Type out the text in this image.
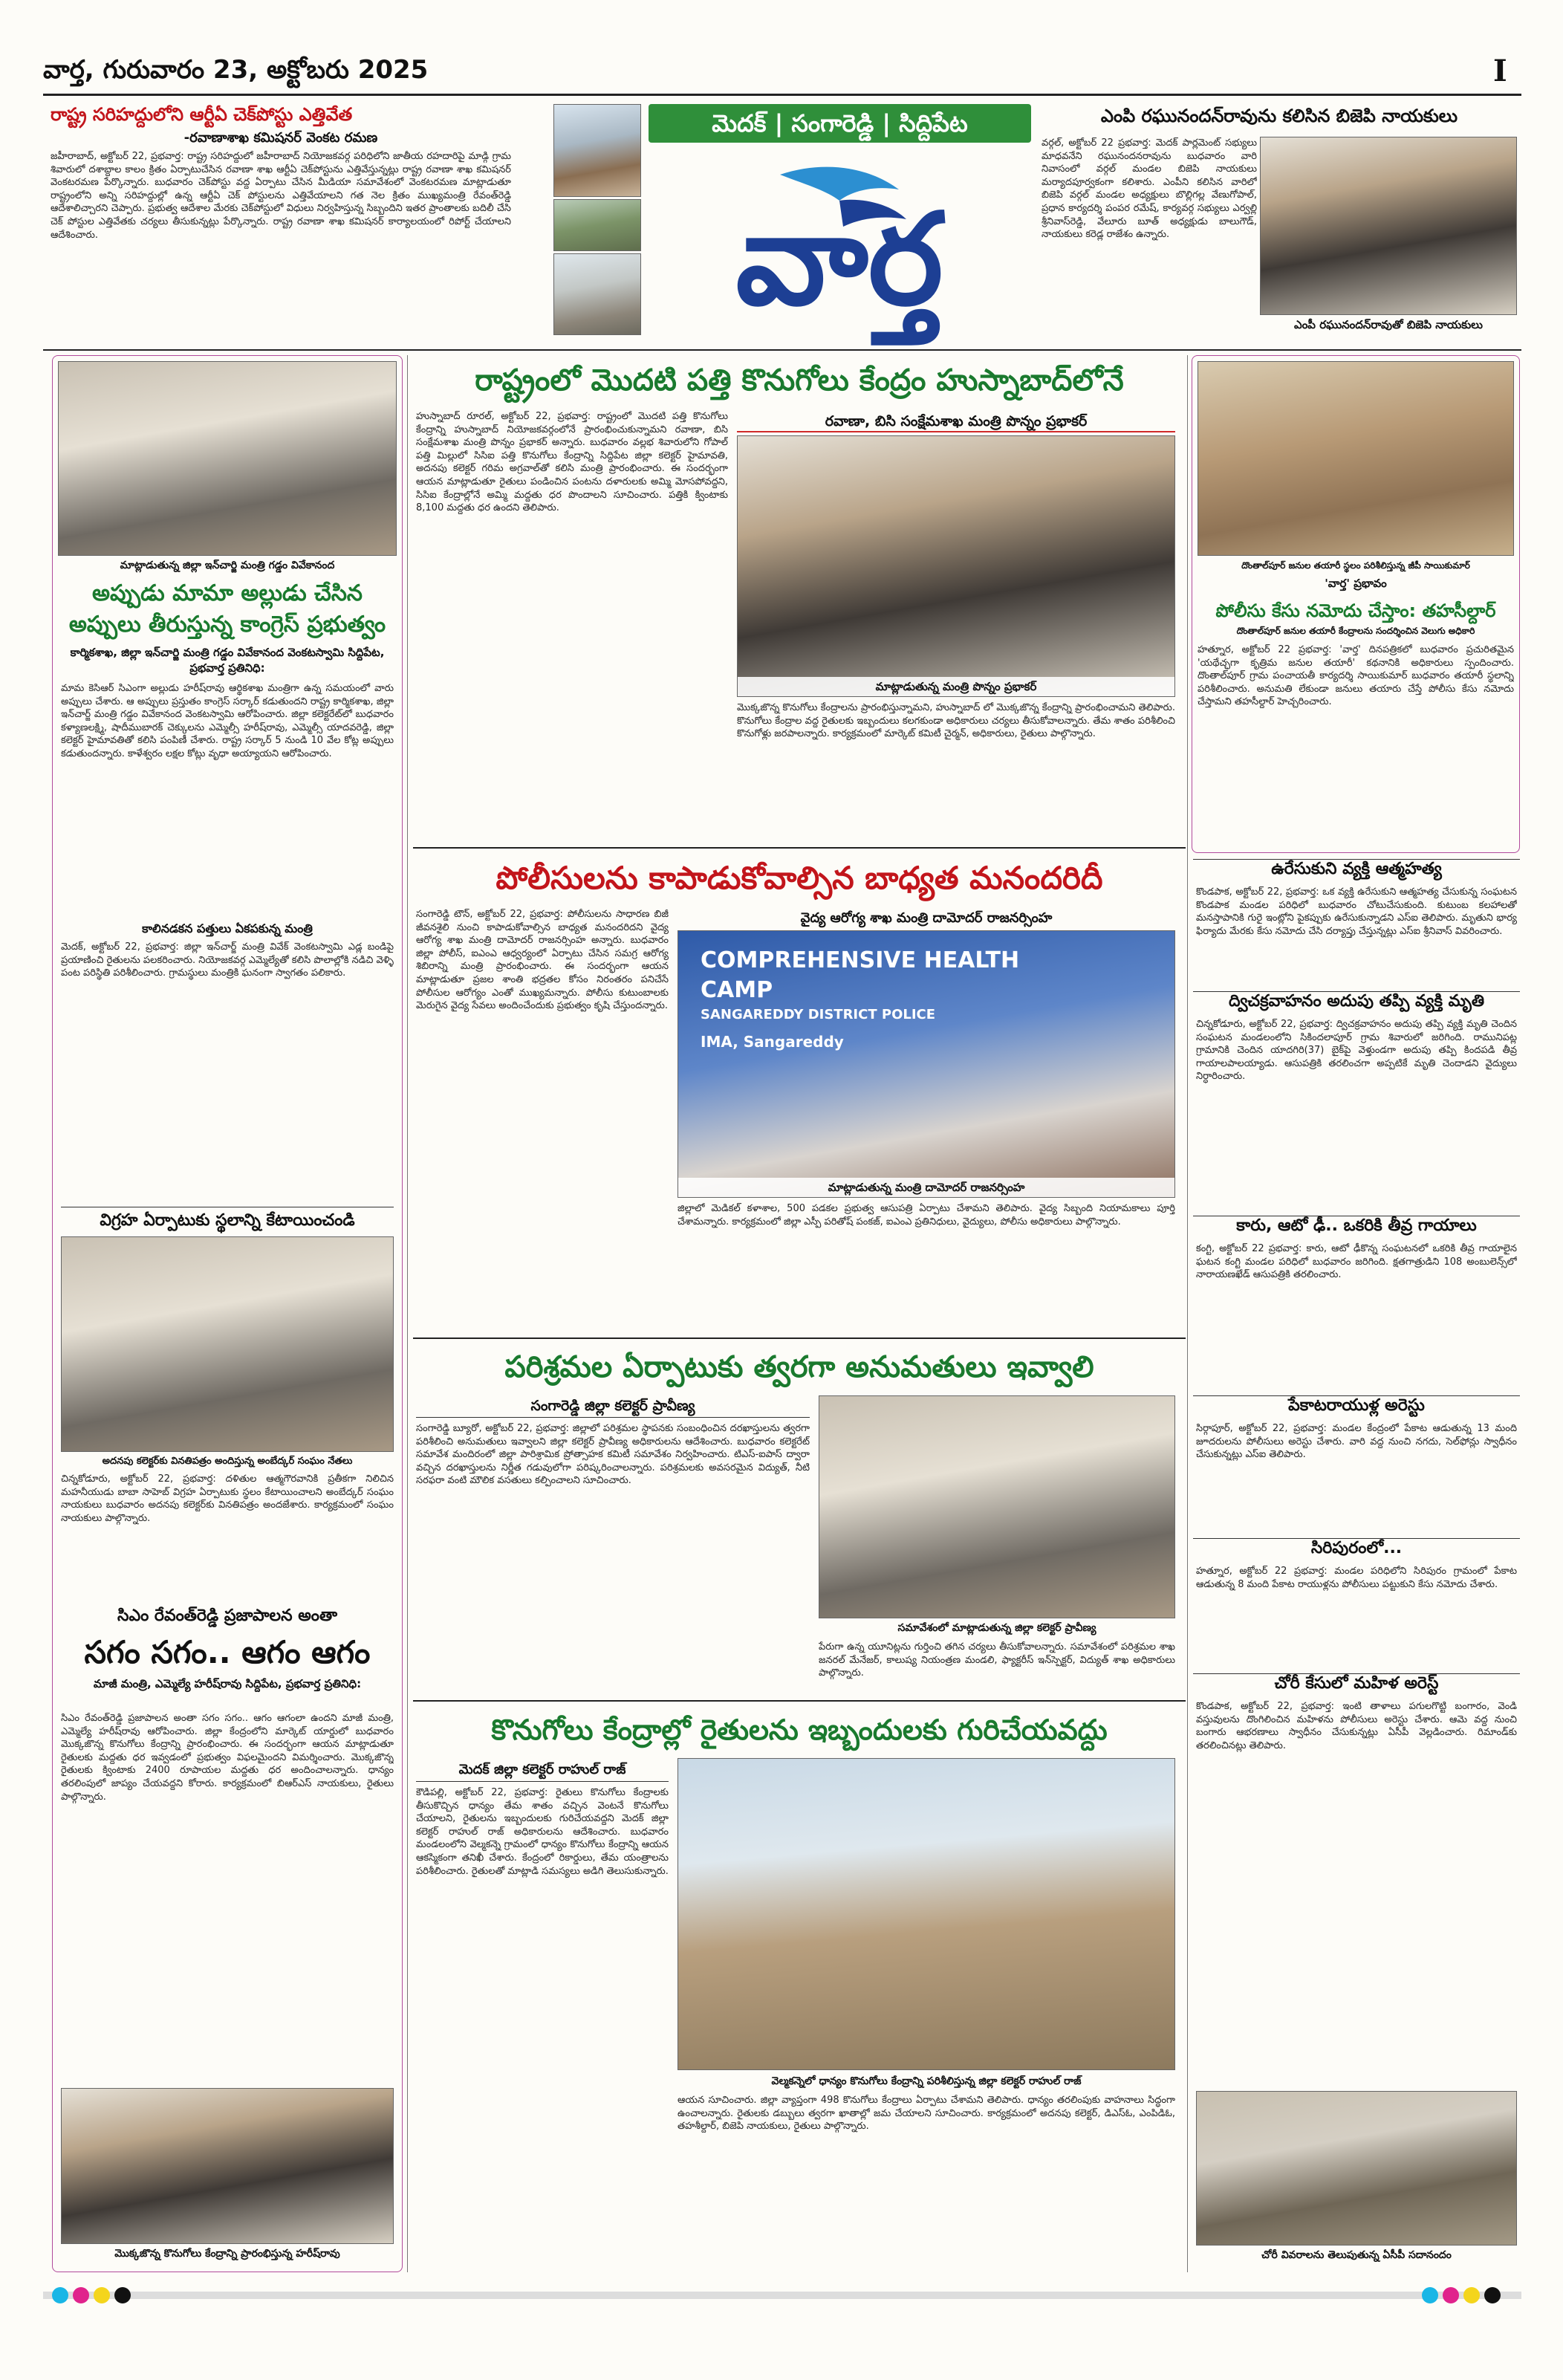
వార్త, గురువారం 23, అక్టోబరు 2025	I
రాష్ట్ర సరిహద్దులోని ఆర్టీఏ చెక్‌పోస్టు ఎత్తివేత
-రవాణాశాఖ కమిషనర్ వెంకట రమణ
జహీరాబాద్, అక్టోబర్ 22, ప్రభవార్త: రాష్ట్ర సరిహద్దులో జహీరాబాద్ నియోజకవర్గ పరిధిలోని జాతీయ రహదారిపై మాడ్గి గ్రామ శివారులో దశాబ్దాల కాలం క్రితం ఏర్పాటుచేసిన రవాణా శాఖ ఆర్టీఏ చెక్‌పోస్టును ఎత్తివేస్తున్నట్లు రాష్ట్ర రవాణా శాఖ కమిషనర్ వెంకటరమణ పేర్కొన్నారు. బుధవారం చెక్‌పోస్టు వద్ద ఏర్పాటు చేసిన మీడియా సమావేశంలో వెంకటరమణ మాట్లాడుతూ రాష్ట్రంలోని అన్ని సరిహద్దుల్లో ఉన్న ఆర్టీఏ చెక్ పోస్టులను ఎత్తివేయాలని గత నెల క్రితం ముఖ్యమంత్రి రేవంత్‌రెడ్డి ఆదేశాలిచ్చారని చెప్పారు. ప్రభుత్వ ఆదేశాల మేరకు చెక్‌పోస్టులో విధులు నిర్వహిస్తున్న సిబ్బందిని ఇతర ప్రాంతాలకు బదిలీ చేసి చెక్ పోస్టుల ఎత్తివేతకు చర్యలు తీసుకున్నట్లు పేర్కొన్నారు. రాష్ట్ర రవాణా శాఖ కమిషనర్ కార్యాలయంలో రిపోర్ట్ చేయాలని ఆదేశించారు.
మెదక్ | సంగారెడ్డి | సిద్దిపేట
వార్త
ఎంపి రఘునందన్‌రావును కలిసిన బిజెపి నాయకులు
వర్గల్, అక్టోబర్ 22 ప్రభవార్త: మెదక్ పార్లమెంట్ సభ్యులు మాధవనేని రఘునందనరావును బుధవారం వారి నివాసంలో వర్గల్ మండల బిజెపి నాయకులు మర్యాదపూర్వకంగా కలిశారు. ఎంపీని కలిసిన వారిలో బిజెపి వర్గల్ మండల అధ్యక్షులు బొల్లిగల్ల వేణుగోపాల్, ప్రధాన కార్యదర్శి పంపర రమేష్, కార్యవర్గ సభ్యులు ఎర్వల్లి శ్రీనివాస్‌రెడ్డి, వేలూరు బూత్ అధ్యక్షుడు బాలుగౌడ్, నాయకులు కరెడ్ల రాజేశం ఉన్నారు.
ఎంపీ రఘునందన్‌రావుతో బిజెపి నాయకులు
మాట్లాడుతున్న జిల్లా ఇన్‌చార్జి మంత్రి గడ్డం వివేకానంద
అప్పుడు మామా అల్లుడు చేసిన అప్పులు తీరుస్తున్న కాంగ్రెస్ ప్రభుత్వం
కార్మికశాఖ, జిల్లా ఇన్‌చార్జి మంత్రి గడ్డం వివేకానంద వెంకటస్వామి సిద్దిపేట, ప్రభవార్త ప్రతినిధి:
మామ కెసిఆర్ సిఎంగా అల్లుడు హరీష్‌రావు ఆర్థికశాఖ మంత్రిగా ఉన్న సమయంలో వారు అప్పులు చేశారు. ఆ అప్పులు ప్రస్తుతం కాంగ్రెస్ సర్కార్ కడుతుందని రాష్ట్ర కార్మికశాఖ, జిల్లా ఇన్‌చార్జ్ మంత్రి గడ్డం వివేకానంద వెంకటస్వామి ఆరోపించారు. జిల్లా కలెక్టరేట్‌లో బుధవారం కళ్యాణలక్ష్మి, షాదీముబారక్ చెక్కులను ఎమ్మెల్సీ హరీష్‌రావు, ఎమ్మెల్సీ యాదవరెడ్డి, జిల్లా కలెక్టర్ హైమావతితో కలిసి పంపిణీ చేశారు. రాష్ట్ర సర్కార్ 5 నుండి 10 వేల కోట్ల అప్పులు కడుతుందన్నారు. కాళేశ్వరం లక్షల కోట్లు వృధా అయ్యాయని ఆరోపించారు.
కాలినడకన పత్తులు ఏకపకున్న మంత్రి
మెదక్, అక్టోబర్ 22, ప్రభవార్త: జిల్లా ఇన్‌చార్జ్ మంత్రి వివేక్ వెంకటస్వామి ఎడ్ల బండిపై ప్రయాణించి రైతులను పలకరించారు. నియోజకవర్గ ఎమ్మెల్యేతో కలిసి పొలాల్లోకి నడిచి వెళ్ళి పంట పరిస్థితి పరిశీలించారు. గ్రామస్థులు మంత్రికి ఘనంగా స్వాగతం పలికారు.
విగ్రహ ఏర్పాటుకు స్థలాన్ని కేటాయించండి
అదనపు కలెక్టర్‌కు వినతిపత్రం అందిస్తున్న అంబేద్కర్ సంఘం నేతలు
చిన్నకోడూరు, అక్టోబర్ 22, ప్రభవార్త: దళితుల ఆత్మగౌరవానికి ప్రతీకగా నిలిచిన మహనీయుడు బాబా సాహెబ్ విగ్రహ ఏర్పాటుకు స్థలం కేటాయించాలని అంబేద్కర్ సంఘం నాయకులు బుధవారం అదనపు కలెక్టర్‌కు వినతిపత్రం అందజేశారు. కార్యక్రమంలో సంఘం నాయకులు పాల్గొన్నారు.
సిఎం రేవంత్‌రెడ్డి ప్రజాపాలన అంతా
సగం సగం.. ఆగం ఆగం
మాజీ మంత్రి, ఎమ్మెల్యే హరీష్‌రావు సిద్దిపేట, ప్రభవార్త ప్రతినిధి:
సిఎం రేవంత్‌రెడ్డి ప్రజాపాలన అంతా సగం సగం.. ఆగం ఆగంలా ఉందని మాజీ మంత్రి, ఎమ్మెల్యే హరీష్‌రావు ఆరోపించారు. జిల్లా కేంద్రంలోని మార్కెట్ యార్డులో బుధవారం మొక్కజొన్న కొనుగోలు కేంద్రాన్ని ప్రారంభించారు. ఈ సందర్భంగా ఆయన మాట్లాడుతూ రైతులకు మద్దతు ధర ఇవ్వడంలో ప్రభుత్వం విఫలమైందని విమర్శించారు. మొక్కజొన్న రైతులకు క్వింటాకు 2400 రూపాయల మద్దతు ధర అందించాలన్నారు. ధాన్యం తరలింపులో జాప్యం చేయవద్దని కోరారు. కార్యక్రమంలో బిఆర్‌ఎస్ నాయకులు, రైతులు పాల్గొన్నారు.
మొక్కజొన్న కొనుగోలు కేంద్రాన్ని ప్రారంభిస్తున్న హరీష్‌రావు
రాష్ట్రంలో మొదటి పత్తి కొనుగోలు కేంద్రం హుస్నాబాద్‌లోనే
హుస్నాబాద్ రూరల్, అక్టోబర్ 22, ప్రభవార్త: రాష్ట్రంలో మొదటి పత్తి కొనుగోలు కేంద్రాన్ని హుస్నాబాద్ నియోజకవర్గంలోనే ప్రారంభించుకున్నామని రవాణా, బిసి సంక్షేమశాఖ మంత్రి పొన్నం ప్రభాకర్ అన్నారు. బుధవారం వల్లభ శివారులోని గోపాల్ పత్తి మిల్లులో సిసిఐ పత్తి కొనుగోలు కేంద్రాన్ని సిద్దిపేట జిల్లా కలెక్టర్ హైమావతి, అదనపు కలెక్టర్ గరిమ అగ్రవాల్‌తో కలిసి మంత్రి ప్రారంభించారు. ఈ సందర్భంగా ఆయన మాట్లాడుతూ రైతులు పండించిన పంటను దళారులకు అమ్మి మోసపోవద్దని, సిసిఐ కేంద్రాల్లోనే అమ్మి మద్దతు ధర పొందాలని సూచించారు. పత్తికి క్వింటాకు 8,100 మద్దతు ధర ఉందని తెలిపారు.
రవాణా, బిసి సంక్షేమశాఖ మంత్రి పొన్నం ప్రభాకర్
మాట్లాడుతున్న మంత్రి పొన్నం ప్రభాకర్
మొక్కజొన్న కొనుగోలు కేంద్రాలను ప్రారంభిస్తున్నామని, హుస్నాబాద్ లో మొక్కజొన్న కేంద్రాన్ని ప్రారంభించామని తెలిపారు. కొనుగోలు కేంద్రాల వద్ద రైతులకు ఇబ్బందులు కలగకుండా అధికారులు చర్యలు తీసుకోవాలన్నారు. తేమ శాతం పరిశీలించి కొనుగోళ్లు జరపాలన్నారు. కార్యక్రమంలో మార్కెట్ కమిటీ చైర్మన్, అధికారులు, రైతులు పాల్గొన్నారు.
పోలీసులను కాపాడుకోవాల్సిన బాధ్యత మనందరిదీ
సంగారెడ్డి టౌన్, అక్టోబర్ 22, ప్రభవార్త: పోలీసులను సాధారణ బిజీ జీవనశైలి నుంచి కాపాడుకోవాల్సిన బాధ్యత మనందరిదని వైద్య ఆరోగ్య శాఖ మంత్రి దామోదర్ రాజనర్సింహ అన్నారు. బుధవారం జిల్లా పోలీస్, ఐఎంఎ ఆధ్వర్యంలో ఏర్పాటు చేసిన సమగ్ర ఆరోగ్య శిబిరాన్ని మంత్రి ప్రారంభించారు. ఈ సందర్భంగా ఆయన మాట్లాడుతూ ప్రజల శాంతి భద్రతల కోసం నిరంతరం పనిచేసే పోలీసుల ఆరోగ్యం ఎంతో ముఖ్యమన్నారు. పోలీసు కుటుంబాలకు మెరుగైన వైద్య సేవలు అందించేందుకు ప్రభుత్వం కృషి చేస్తుందన్నారు.
వైద్య ఆరోగ్య శాఖ మంత్రి దామోదర్ రాజనర్సింహ
COMPREHENSIVE HEALTH CAMP
SANGAREDDY DISTRICT POLICE
IMA, Sangareddy
మాట్లాడుతున్న మంత్రి దామోదర్ రాజనర్సింహ
జిల్లాలో మెడికల్ కళాశాల, 500 పడకల ప్రభుత్వ ఆసుపత్రి ఏర్పాటు చేశామని తెలిపారు. వైద్య సిబ్బంది నియామకాలు పూర్తి చేశామన్నారు. కార్యక్రమంలో జిల్లా ఎస్పీ పరితోష్ పంకజ్, ఐఎంఎ ప్రతినిధులు, వైద్యులు, పోలీసు అధికారులు పాల్గొన్నారు.
పరిశ్రమల ఏర్పాటుకు త్వరగా అనుమతులు ఇవ్వాలి
సంగారెడ్డి జిల్లా కలెక్టర్ ప్రావీణ్య
సంగారెడ్డి బ్యూరో, అక్టోబర్ 22, ప్రభవార్త: జిల్లాలో పరిశ్రమల స్థాపనకు సంబంధించిన దరఖాస్తులను త్వరగా పరిశీలించి అనుమతులు ఇవ్వాలని జిల్లా కలెక్టర్ ప్రావీణ్య అధికారులను ఆదేశించారు. బుధవారం కలెక్టరేట్ సమావేశ మందిరంలో జిల్లా పారిశ్రామిక ప్రోత్సాహక కమిటీ సమావేశం నిర్వహించారు. టిఎస్-ఐపాస్ ద్వారా వచ్చిన దరఖాస్తులను నిర్ణీత గడువులోగా పరిష్కరించాలన్నారు. పరిశ్రమలకు అవసరమైన విద్యుత్, నీటి సరఫరా వంటి మౌలిక వసతులు కల్పించాలని సూచించారు.
సమావేశంలో మాట్లాడుతున్న జిల్లా కలెక్టర్ ప్రావీణ్య
పేరుగా ఉన్న యూనిట్లను గుర్తించి తగిన చర్యలు తీసుకోవాలన్నారు. సమావేశంలో పరిశ్రమల శాఖ జనరల్ మేనేజర్, కాలుష్య నియంత్రణ మండలి, ఫ్యాక్టరీస్ ఇన్‌స్పెక్టర్, విద్యుత్ శాఖ అధికారులు పాల్గొన్నారు.
కొనుగోలు కేంద్రాల్లో రైతులను ఇబ్బందులకు గురిచేయవద్దు
మెదక్ జిల్లా కలెక్టర్ రాహుల్ రాజ్
కౌడిపల్లి, అక్టోబర్ 22, ప్రభవార్త: రైతులు కొనుగోలు కేంద్రాలకు తీసుకొచ్చిన ధాన్యం తేమ శాతం వచ్చిన వెంటనే కొనుగోలు చేయాలని, రైతులను ఇబ్బందులకు గురిచేయవద్దని మెదక్ జిల్లా కలెక్టర్ రాహుల్ రాజ్ అధికారులను ఆదేశించారు. బుధవారం మండలంలోని వెల్మకన్నె గ్రామంలో ధాన్యం కొనుగోలు కేంద్రాన్ని ఆయన ఆకస్మికంగా తనిఖీ చేశారు. కేంద్రంలో రికార్డులు, తేమ యంత్రాలను పరిశీలించారు. రైతులతో మాట్లాడి సమస్యలు అడిగి తెలుసుకున్నారు.
వెల్మకన్నెలో ధాన్యం కొనుగోలు కేంద్రాన్ని పరిశీలిస్తున్న జిల్లా కలెక్టర్ రాహుల్ రాజ్
ఆయన సూచించారు. జిల్లా వ్యాప్తంగా 498 కొనుగోలు కేంద్రాలు ఏర్పాటు చేశామని తెలిపారు. ధాన్యం తరలింపుకు వాహనాలు సిద్ధంగా ఉంచాలన్నారు. రైతులకు డబ్బులు త్వరగా ఖాతాల్లో జమ చేయాలని సూచించారు. కార్యక్రమంలో అదనపు కలెక్టర్, డిఎస్‌ఓ, ఎంపిడిఓ, తహశీల్దార్, బిజెపి నాయకులు, రైతులు పాల్గొన్నారు.
దొంతాల్‌పూర్ జనుల తయారీ స్థలం పరిశీలిస్తున్న జీపీ సాయికుమార్
'వార్త' ప్రభావం
పోలీసు కేసు నమోదు చేస్తాం: తహసీల్దార్
దొంతాల్‌పూర్ జనుల తయారీ కేంద్రాలను సందర్శించిన వెలుగు అధికారి
హత్నూర, అక్టోబర్ 22 ప్రభవార్త: 'వార్త' దినపత్రికలో బుధవారం ప్రచురితమైన 'యథేచ్ఛగా కృత్రిమ జనుల తయారీ' కథనానికి అధికారులు స్పందించారు. దొంతాల్‌పూర్ గ్రామ పంచాయతీ కార్యదర్శి సాయికుమార్ బుధవారం తయారీ స్థలాన్ని పరిశీలించారు. అనుమతి లేకుండా జనులు తయారు చేస్తే పోలీసు కేసు నమోదు చేస్తామని తహసీల్దార్ హెచ్చరించారు.
ఉరేసుకుని వ్యక్తి ఆత్మహత్య
కొండపాక, అక్టోబర్ 22, ప్రభవార్త: ఒక వ్యక్తి ఉరేసుకుని ఆత్మహత్య చేసుకున్న సంఘటన కొండపాక మండల పరిధిలో బుధవారం చోటుచేసుకుంది. కుటుంబ కలహాలతో మనస్తాపానికి గురై ఇంట్లోని పైకప్పుకు ఉరేసుకున్నాడని ఎస్‌ఐ తెలిపారు. మృతుని భార్య ఫిర్యాదు మేరకు కేసు నమోదు చేసి దర్యాప్తు చేస్తున్నట్లు ఎస్‌ఐ శ్రీనివాస్ వివరించారు.
ద్విచక్రవాహనం అదుపు తప్పి వ్యక్తి మృతి
చిన్నకోడూరు, అక్టోబర్ 22, ప్రభవార్త: ద్విచక్రవాహనం అదుపు తప్పి వ్యక్తి మృతి చెందిన సంఘటన మండలంలోని సికిందలాపూర్ గ్రామ శివారులో జరిగింది. రామునిపట్ల గ్రామానికి చెందిన యాదగిరి(37) బైక్‌పై వెళ్తుండగా అదుపు తప్పి కిందపడి తీవ్ర గాయాలపాలయ్యాడు. ఆసుపత్రికి తరలించగా అప్పటికే మృతి చెందాడని వైద్యులు నిర్ధారించారు.
కారు, ఆటో ఢీ.. ఒకరికి తీవ్ర గాయాలు
కంగ్టి, అక్టోబర్ 22 ప్రభవార్త: కారు, ఆటో ఢీకొన్న సంఘటనలో ఒకరికి తీవ్ర గాయాలైన ఘటన కంగ్టి మండల పరిధిలో బుధవారం జరిగింది. క్షతగాత్రుడిని 108 అంబులెన్స్‌లో నారాయణఖేడ్ ఆసుపత్రికి తరలించారు.
పేకాటరాయుళ్ల అరెస్టు
సిర్గాపూర్, అక్టోబర్ 22, ప్రభవార్త: మండల కేంద్రంలో పేకాట ఆడుతున్న 13 మంది జూదరులను పోలీసులు అరెస్టు చేశారు. వారి వద్ద నుంచి నగదు, సెల్‌ఫోన్లు స్వాధీనం చేసుకున్నట్లు ఎస్‌ఐ తెలిపారు.
సిరిపురంలో...
హత్నూర, అక్టోబర్ 22 ప్రభవార్త: మండల పరిధిలోని సిరిపురం గ్రామంలో పేకాట ఆడుతున్న 8 మంది పేకాట రాయుళ్లను పోలీసులు పట్టుకుని కేసు నమోదు చేశారు.
చోరీ కేసులో మహిళ అరెస్ట్
కొండపాక, అక్టోబర్ 22, ప్రభవార్త: ఇంటి తాళాలు పగులగొట్టి బంగారం, వెండి వస్తువులను దొంగిలించిన మహిళను పోలీసులు అరెస్టు చేశారు. ఆమె వద్ద నుంచి బంగారు ఆభరణాలు స్వాధీనం చేసుకున్నట్లు ఏసీపీ వెల్లడించారు. రిమాండ్‌కు తరలించినట్లు తెలిపారు.
చోరీ వివరాలను తెలుపుతున్న ఏసీపీ సదానందం
